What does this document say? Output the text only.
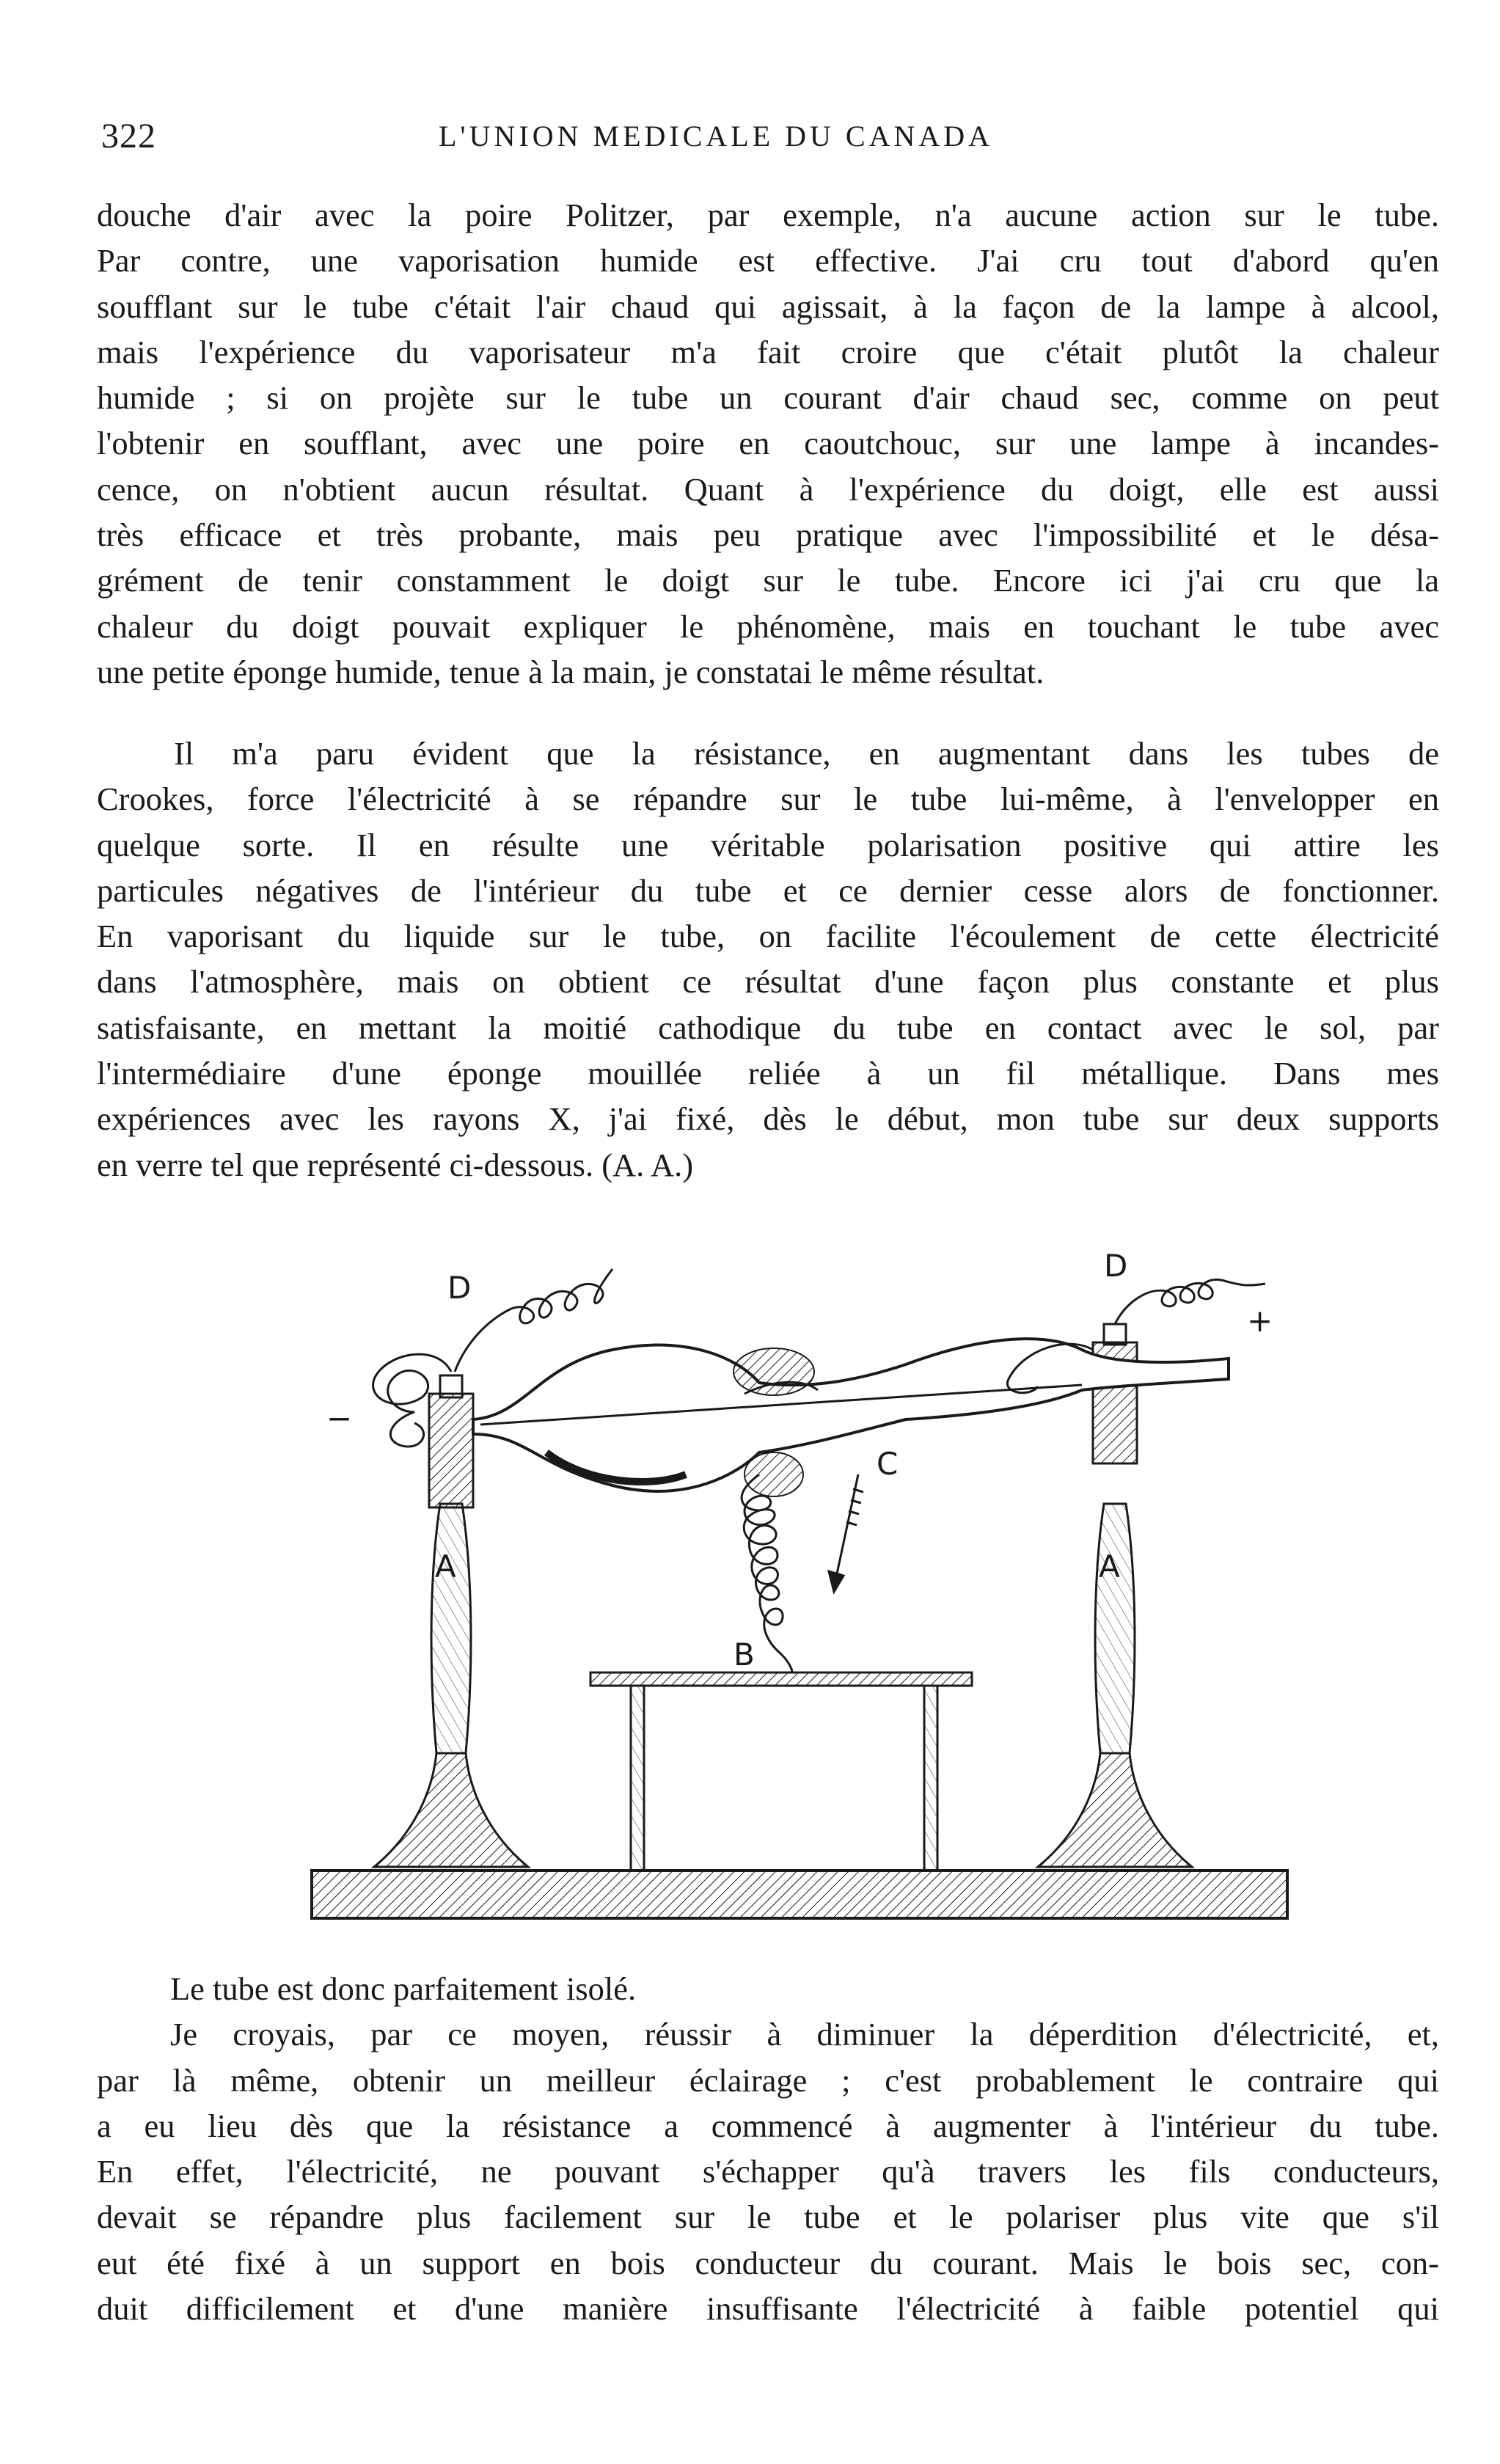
322	L'UNION MEDICALE DU CANADA
douche d'air avec la poire Politzer, par exemple, n'a aucune action sur le tube.
Par contre, une vaporisation humide est effective. J'ai cru tout d'abord qu'en
soufflant sur le tube c'était l'air chaud qui agissait, à la façon de la lampe à alcool,
mais l'expérience du vaporisateur m'a fait croire que c'était plutôt la chaleur
humide ; si on projète sur le tube un courant d'air chaud sec, comme on peut
l'obtenir en soufflant, avec une poire en caoutchouc, sur une lampe à incandes-
cence, on n'obtient aucun résultat. Quant à l'expérience du doigt, elle est aussi
très efficace et très probante, mais peu pratique avec l'impossibilité et le désa-
grément de tenir constamment le doigt sur le tube. Encore ici j'ai cru que la
chaleur du doigt pouvait expliquer le phénomène, mais en touchant le tube avec
une petite éponge humide, tenue à la main, je constatai le même résultat.
Il m'a paru évident que la résistance, en augmentant dans les tubes de
Crookes, force l'électricité à se répandre sur le tube lui-même, à l'envelopper en
quelque sorte. Il en résulte une véritable polarisation positive qui attire les
particules négatives de l'intérieur du tube et ce dernier cesse alors de fonctionner.
En vaporisant du liquide sur le tube, on facilite l'écoulement de cette électricité
dans l'atmosphère, mais on obtient ce résultat d'une façon plus constante et plus
satisfaisante, en mettant la moitié cathodique du tube en contact avec le sol, par
l'intermédiaire d'une éponge mouillée reliée à un fil métallique. Dans mes
expériences avec les rayons X, j'ai fixé, dès le début, mon tube sur deux supports
en verre tel que représenté ci-dessous. (A. A.)
D
D
+
−
C
B
A	A
Le tube est donc parfaitement isolé.
Je croyais, par ce moyen, réussir à diminuer la déperdition d'électricité, et,
par là même, obtenir un meilleur éclairage ; c'est probablement le contraire qui
a eu lieu dès que la résistance a commencé à augmenter à l'intérieur du tube.
En effet, l'électricité, ne pouvant s'échapper qu'à travers les fils conducteurs,
devait se répandre plus facilement sur le tube et le polariser plus vite que s'il
eut été fixé à un support en bois conducteur du courant. Mais le bois sec, con-
duit difficilement et d'une manière insuffisante l'électricité à faible potentiel qui
